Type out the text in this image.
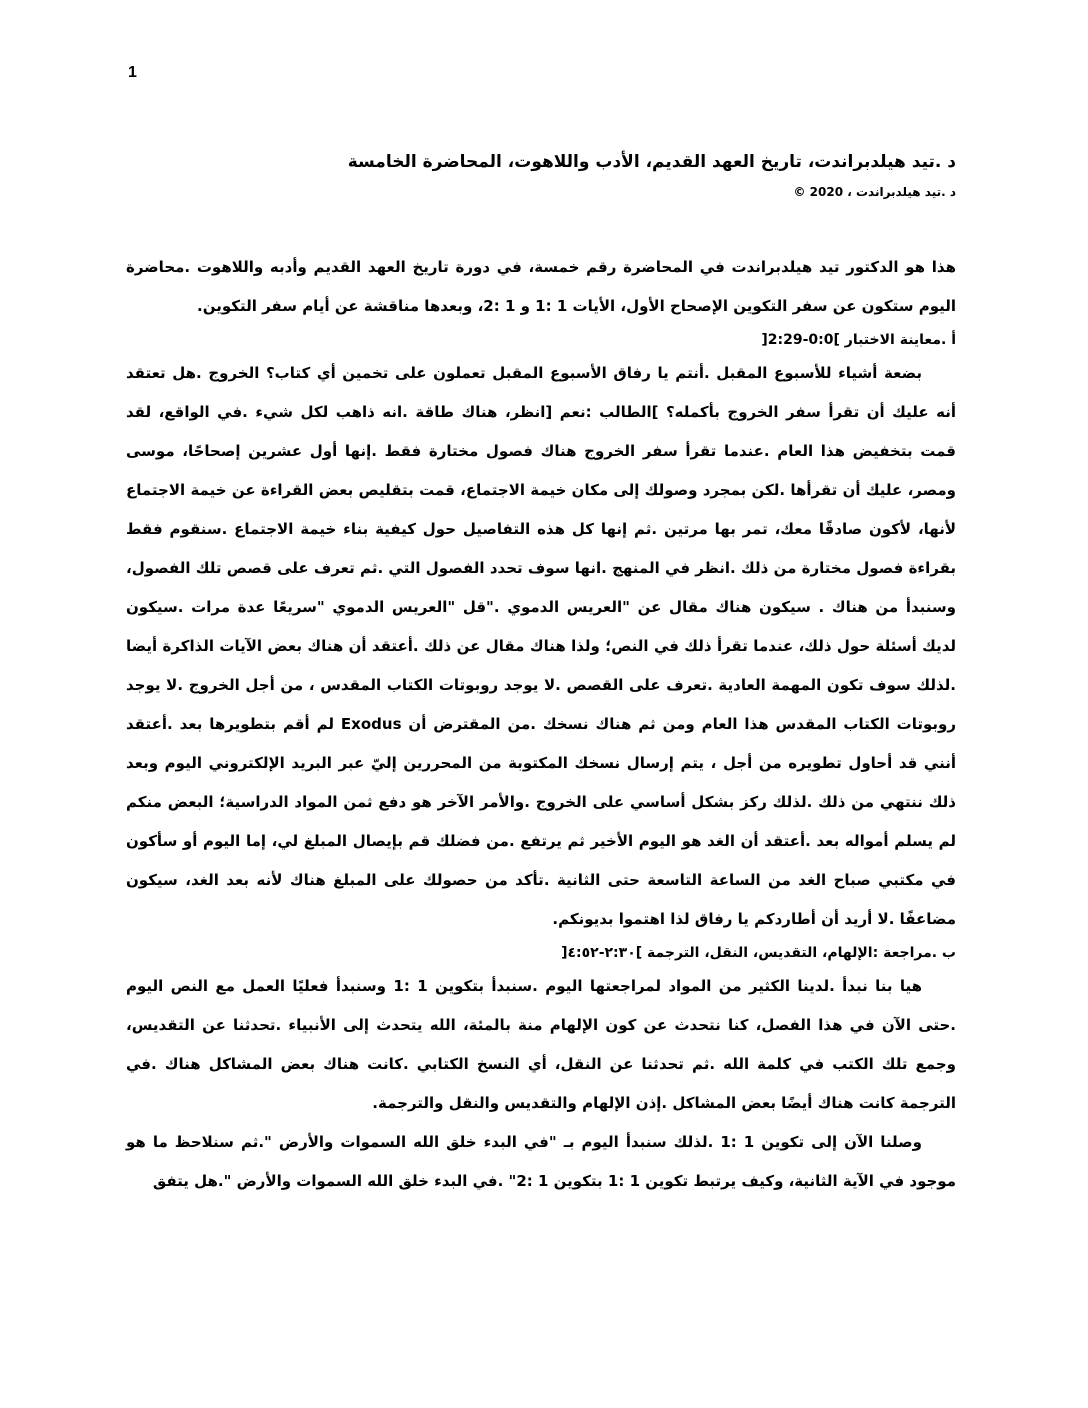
1

د .تيد هيلدبراندت، تاريخ العهد القديم، الأدب واللاهوت، المحاضرة الخامسة

د .تيد هيلدبراندت ، 2020 ©

هذا هو الدكتور تيد هيلدبراندت في المحاضرة رقم خمسة، في دورة تاريخ العهد القديم وأدبه واللاهوت .محاضرة اليوم ستكون عن سفر التكوين الإصحاح الأول، الأيات 1 :1 و 1 :2، وبعدها مناقشة عن أيام سفر التكوين.

أ .معاينة الاختبار ]0:0-2:29[

بضعة أشياء للأسبوع المقبل .أنتم يا رفاق الأسبوع المقبل تعملون على تخمين أي كتاب؟ الخروج .هل تعتقد أنه عليك أن تقرأ سفر الخروج بأكمله؟ ]الطالب :نعم [انظر، هناك طاقة .انه ذاهب لكل شيء .في الواقع، لقد قمت بتخفيض هذا العام .عندما تقرأ سفر الخروج هناك فصول مختارة فقط .إنها أول عشرين إصحاحًا، موسى ومصر، عليك أن تقرأها .لكن بمجرد وصولك إلى مكان خيمة الاجتماع، قمت بتقليص بعض القراءة عن خيمة الاجتماع لأنها، لأكون صادقًا معك، تمر بها مرتين .ثم إنها كل هذه التفاصيل حول كيفية بناء خيمة الاجتماع .سنقوم فقط بقراءة فصول مختارة من ذلك .انظر في المنهج .انها سوف تحدد الفصول التي .ثم تعرف على قصص تلك الفصول، وسنبدأ من هناك . سيكون هناك مقال عن "العريس الدموي ."قل "العريس الدموي "سريعًا عدة مرات .سيكون لديك أسئلة حول ذلك، عندما تقرأ ذلك في النص؛ ولذا هناك مقال عن ذلك .أعتقد أن هناك بعض الآيات الذاكرة أيضا .لذلك سوف تكون المهمة العادية .تعرف على القصص .لا يوجد روبوتات الكتاب المقدس ، من أجل الخروج .لا يوجد روبوتات الكتاب المقدس هذا العام ومن ثم هناك نسخك .من المقترض أن Exodus لم أقم بتطويرها بعد .أعتقد أنني قد أحاول تطويره من أجل ، يتم إرسال نسخك المكتوبة من المحررين إليّ عبر البريد الإلكتروني اليوم وبعد ذلك ننتهي من ذلك .لذلك ركز بشكل أساسي على الخروج .والأمر الآخر هو دفع ثمن المواد الدراسية؛ البعض منكم لم يسلم أمواله بعد .أعتقد أن الغد هو اليوم الأخير ثم يرتفع .من فضلك قم بإيصال المبلغ لي، إما اليوم أو سأكون في مكتبي صباح الغد من الساعة التاسعة حتى الثانية .تأكد من حصولك على المبلغ هناك لأنه بعد الغد، سيكون مضاعفًا .لا أريد أن أطاردكم يا رفاق لذا اهتموا بديونكم.

ب .مراجعة :الإلهام، التقديس، النقل، الترجمة ]٢:٣٠-٤:٥٢[

هيا بنا نبدأ .لدينا الكثير من المواد لمراجعتها اليوم .سنبدأ بتكوين 1 :1 وسنبدأ فعليًا العمل مع النص اليوم .حتى الآن في هذا الفصل، كنا نتحدث عن كون الإلهام منة بالمئة، الله يتحدث إلى الأنبياء .تحدثنا عن التقديس، وجمع تلك الكتب في كلمة الله .ثم تحدثنا عن النقل، أي النسخ الكتابي .كانت هناك بعض المشاكل هناك .في الترجمة كانت هناك أيضًا بعض المشاكل .إذن الإلهام والتقديس والنقل والترجمة.

وصلنا الآن إلى تكوين 1 :1 .لذلك سنبدأ اليوم بـ "في البدء خلق الله السموات والأرض ".ثم سنلاحظ ما هو موجود في الآية الثانية، وكيف يرتبط تكوين 1 :1 بتكوين 1 :2" .في البدء خلق الله السموات والأرض ".هل يتفق
